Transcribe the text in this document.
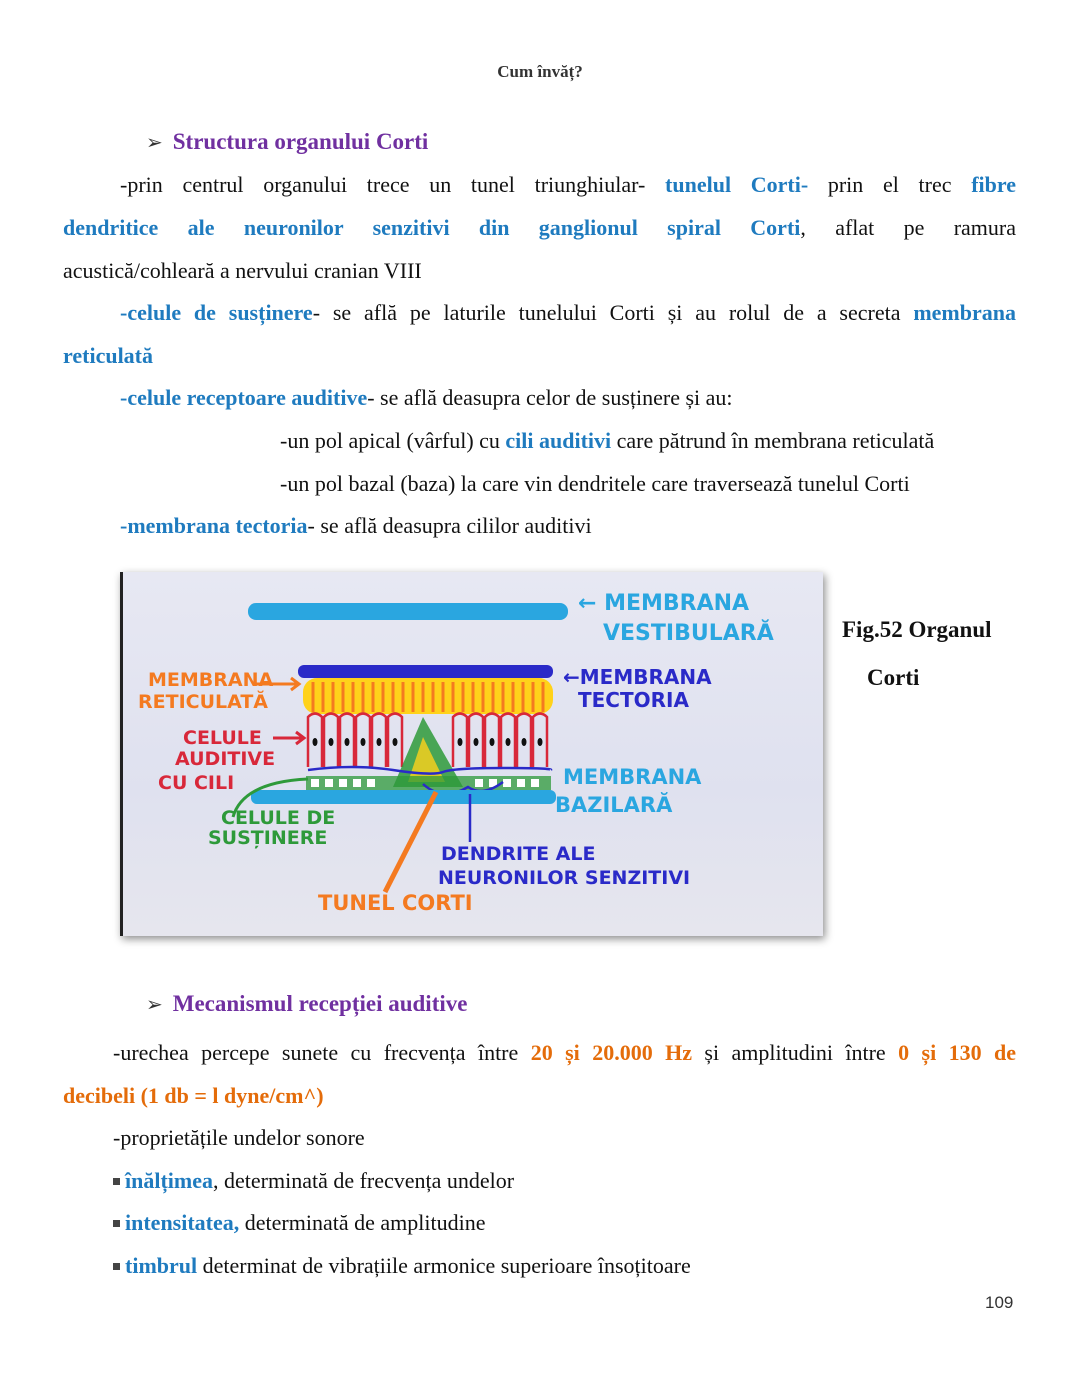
Cum învăț?
➢ Structura organului Corti
-prin centrul organului trece un tunel triunghiular- tunelul Corti- prin el trec fibre
dendritice ale neuronilor senzitivi din ganglionul spiral Corti, aflat pe ramura
acustică/cohleară a nervului cranian VIII
-celule de susținere- se află pe laturile tunelului Corti și au rolul de a secreta membrana
reticulată
-celule receptoare auditive- se află deasupra celor de susținere și au:
-un pol apical (vârful) cu cili auditivi care pătrund în membrana reticulată
-un pol bazal (baza) la care vin dendritele care traversează tunelul Corti
-membrana tectoria- se află deasupra cililor auditivi
← MEMBRANA
VESTIBULARĂ
←MEMBRANA
TECTORIA
MEMBRANA
RETICULATĂ
CELULE
AUDITIVE
CU CILI	MEMBRANA
BAZILARĂ
CELULE DE
SUSȚINERE
DENDRITE ALE
NEURONILOR SENZITIVI
TUNEL CORTI
Fig.52 Organul
Corti
➢ Mecanismul recepției auditive
-urechea percepe sunete cu frecvența între 20 și 20.000 Hz și amplitudini între 0 și 130 de
decibeli (1 db = l dyne/cm^)
-proprietățile undelor sonore
înălțimea, determinată de frecvența undelor
intensitatea, determinată de amplitudine
timbrul determinat de vibrațiile armonice superioare însoțitoare
109
